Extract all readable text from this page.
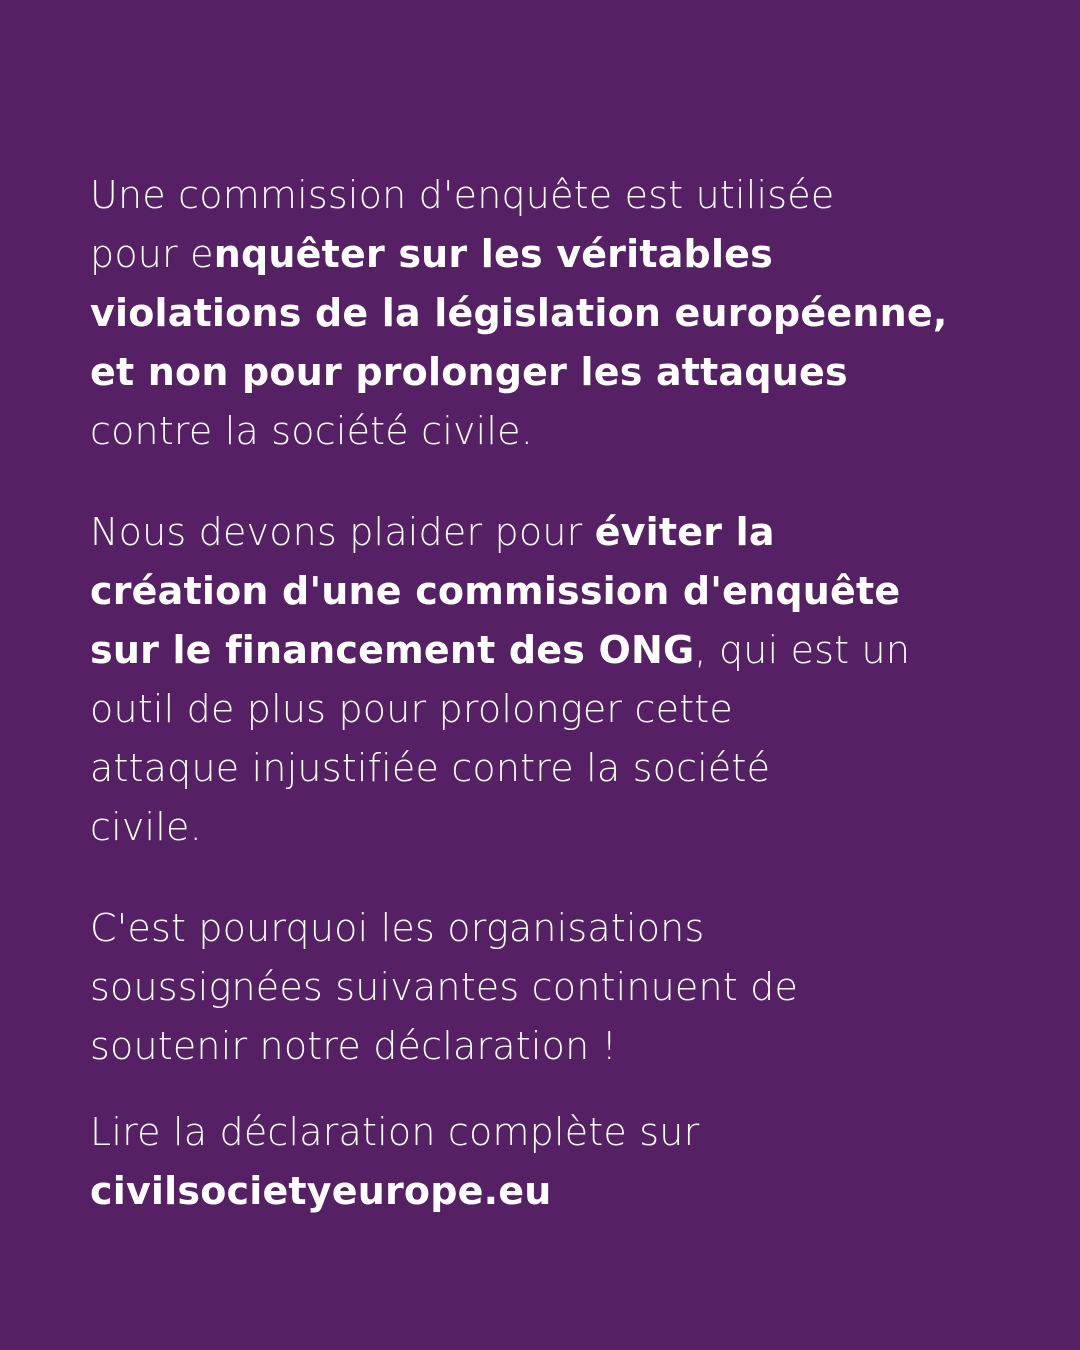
Une commission d'enquête est utilisée
pour enquêter sur les véritables
violations de la législation européenne,
et non pour prolonger les attaques
contre la société civile.
Nous devons plaider pour éviter la
création d'une commission d'enquête
sur le financement des ONG, qui est un
outil de plus pour prolonger cette
attaque injustifiée contre la société
civile.
C'est pourquoi les organisations
soussignées suivantes continuent de
soutenir notre déclaration !
Lire la déclaration complète sur
civilsocietyeurope.eu
